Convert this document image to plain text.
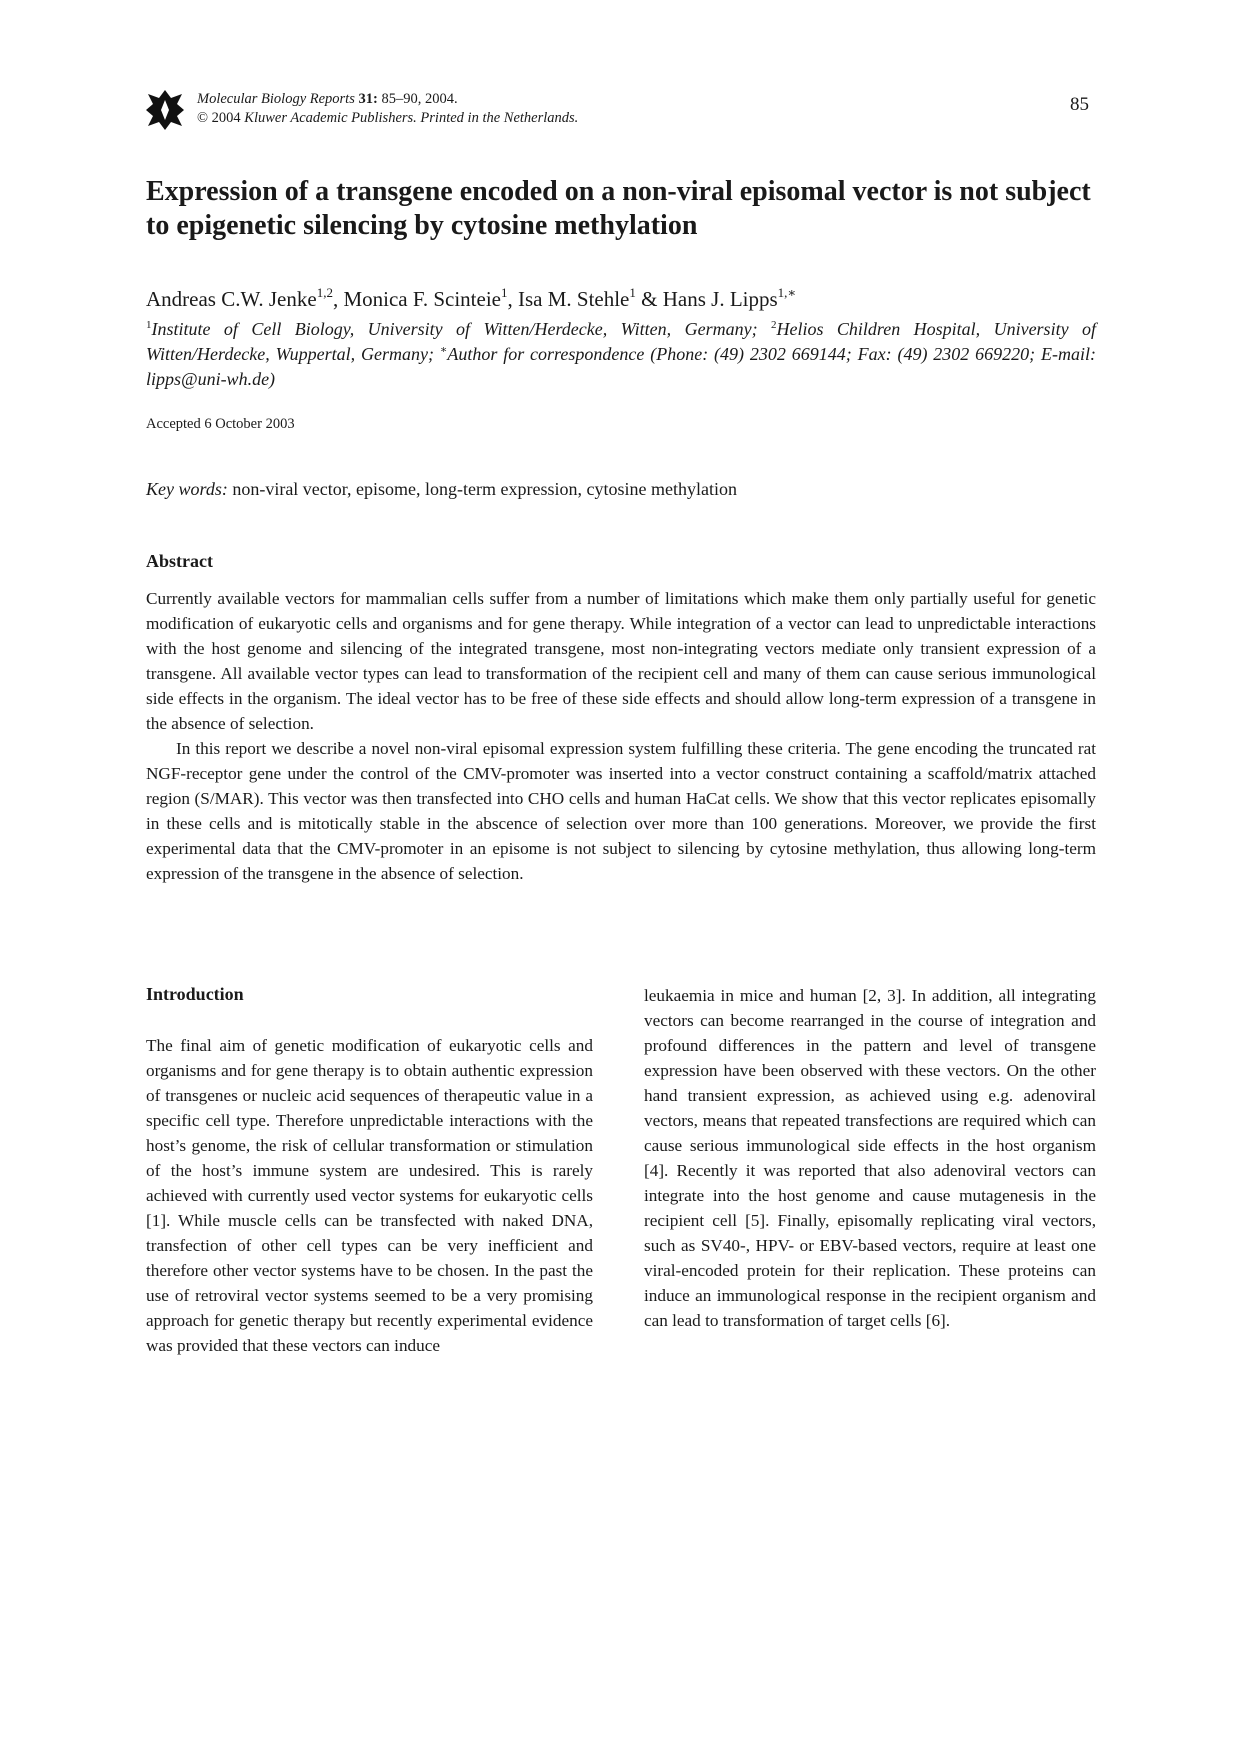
Molecular Biology Reports 31: 85–90, 2004.
© 2004 Kluwer Academic Publishers. Printed in the Netherlands.
85
Expression of a transgene encoded on a non-viral episomal vector is not subject to epigenetic silencing by cytosine methylation
Andreas C.W. Jenke$^{1,2}$, Monica F. Scinteie$^1$, Isa M. Stehle$^1$ & Hans J. Lipps$^{1,∗}$
$^1$Institute of Cell Biology, University of Witten/Herdecke, Witten, Germany; $^2$Helios Children Hospital, University of Witten/Herdecke, Wuppertal, Germany; ∗Author for correspondence (Phone: (49) 2302 669144; Fax: (49) 2302 669220; E-mail: lipps@uni-wh.de)
Accepted 6 October 2003
Key words: non-viral vector, episome, long-term expression, cytosine methylation
Abstract

Currently available vectors for mammalian cells suffer from a number of limitations which make them only partially useful for genetic modification of eukaryotic cells and organisms and for gene therapy. While integration of a vector can lead to unpredictable interactions with the host genome and silencing of the integrated transgene, most non-integrating vectors mediate only transient expression of a transgene. All available vector types can lead to transformation of the recipient cell and many of them can cause serious immunological side effects in the organism. The ideal vector has to be free of these side effects and should allow long-term expression of a transgene in the absence of selection.

In this report we describe a novel non-viral episomal expression system fulfilling these criteria. The gene encoding the truncated rat NGF-receptor gene under the control of the CMV-promoter was inserted into a vector construct containing a scaffold/matrix attached region (S/MAR). This vector was then transfected into CHO cells and human HaCat cells. We show that this vector replicates episomally in these cells and is mitotically stable in the abscence of selection over more than 100 generations. Moreover, we provide the first experimental data that the CMV-promoter in an episome is not subject to silencing by cytosine methylation, thus allowing long-term expression of the transgene in the absence of selection.

Introduction

The final aim of genetic modification of eukaryotic cells and organisms and for gene therapy is to obtain authentic expression of transgenes or nucleic acid sequences of therapeutic value in a specific cell type. Therefore unpredictable interactions with the host’s genome, the risk of cellular transformation or stimulation of the host’s immune system are undesired. This is rarely achieved with currently used vector systems for eukaryotic cells [1]. While muscle cells can be transfected with naked DNA, transfection of other cell types can be very inefficient and therefore other vector systems have to be chosen. In the past the use of retroviral vector systems seemed to be a very promising approach for genetic therapy but recently experimental evidence was provided that these vectors can induce

leukaemia in mice and human [2, 3]. In addition, all integrating vectors can become rearranged in the course of integration and profound differences in the pattern and level of transgene expression have been observed with these vectors. On the other hand transient expression, as achieved using e.g. adenoviral vectors, means that repeated transfections are required which can cause serious immunological side effects in the host organism [4]. Recently it was reported that also adenoviral vectors can integrate into the host genome and cause mutagenesis in the recipient cell [5]. Finally, episomally replicating viral vectors, such as SV40-, HPV- or EBV-based vectors, require at least one viral-encoded protein for their replication. These proteins can induce an immunological response in the recipient organism and can lead to transformation of target cells [6].
